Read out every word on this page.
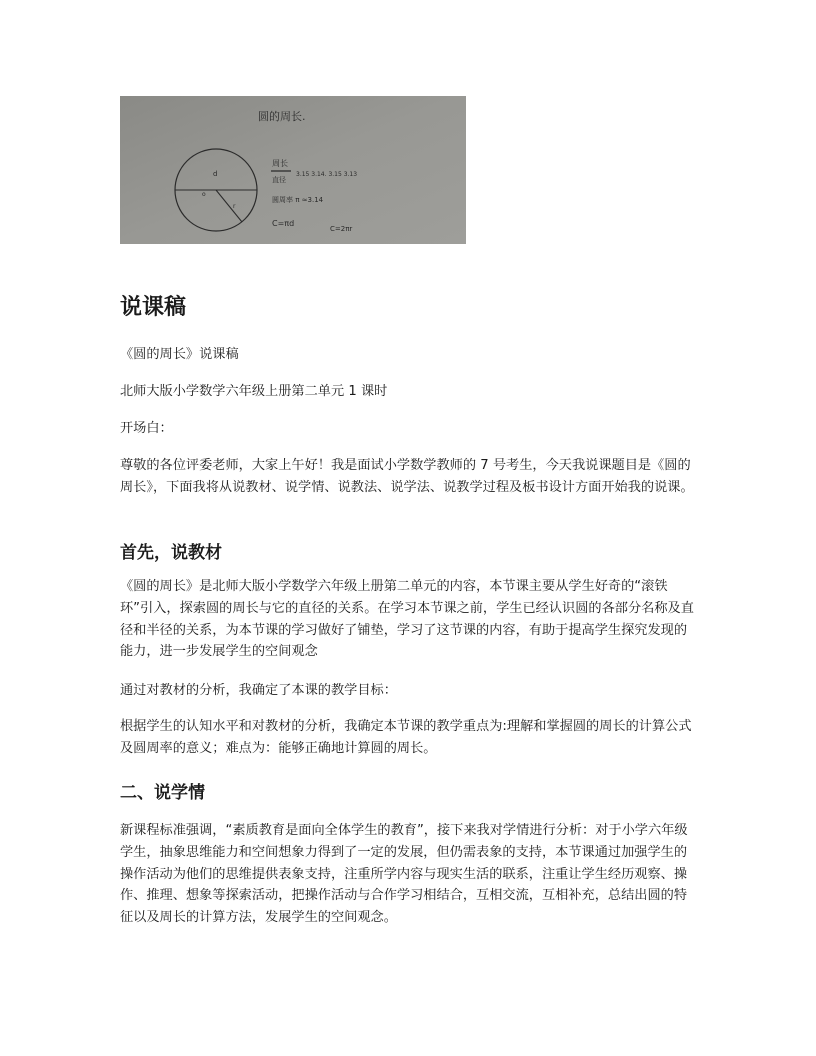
圆的周长.
d
o
r
周长
直径
3.15 3.14. 3.15 3.13
圆周率 π ≈3.14
C=πd
C=2πr
说课稿

《圆的周长》说课稿

北师大版小学数学六年级上册第二单元 1 课时

开场白：

尊敬的各位评委老师，大家上午好！我是面试小学数学教师的 7 号考生，今天我说课题目是《圆的周长》，下面我将从说教材、说学情、说教法、说学法、说教学过程及板书设计方面开始我的说课。

首先，说教材

《圆的周长》是北师大版小学数学六年级上册第二单元的内容，本节课主要从学生好奇的“滚铁环”引入，探索圆的周长与它的直径的关系。在学习本节课之前，学生已经认识圆的各部分名称及直径和半径的关系，为本节课的学习做好了铺垫，学习了这节课的内容，有助于提高学生探究发现的能力，进一步发展学生的空间观念

通过对教材的分析，我确定了本课的教学目标：

根据学生的认知水平和对教材的分析，我确定本节课的教学重点为:理解和掌握圆的周长的计算公式及圆周率的意义；难点为：能够正确地计算圆的周长。

二、说学情

新课程标准强调，“素质教育是面向全体学生的教育”，接下来我对学情进行分析：对于小学六年级学生，抽象思维能力和空间想象力得到了一定的发展，但仍需表象的支持，本节课通过加强学生的操作活动为他们的思维提供表象支持，注重所学内容与现实生活的联系，注重让学生经历观察、操作、推理、想象等探索活动，把操作活动与合作学习相结合，互相交流，互相补充，总结出圆的特征以及周长的计算方法，发展学生的空间观念。
